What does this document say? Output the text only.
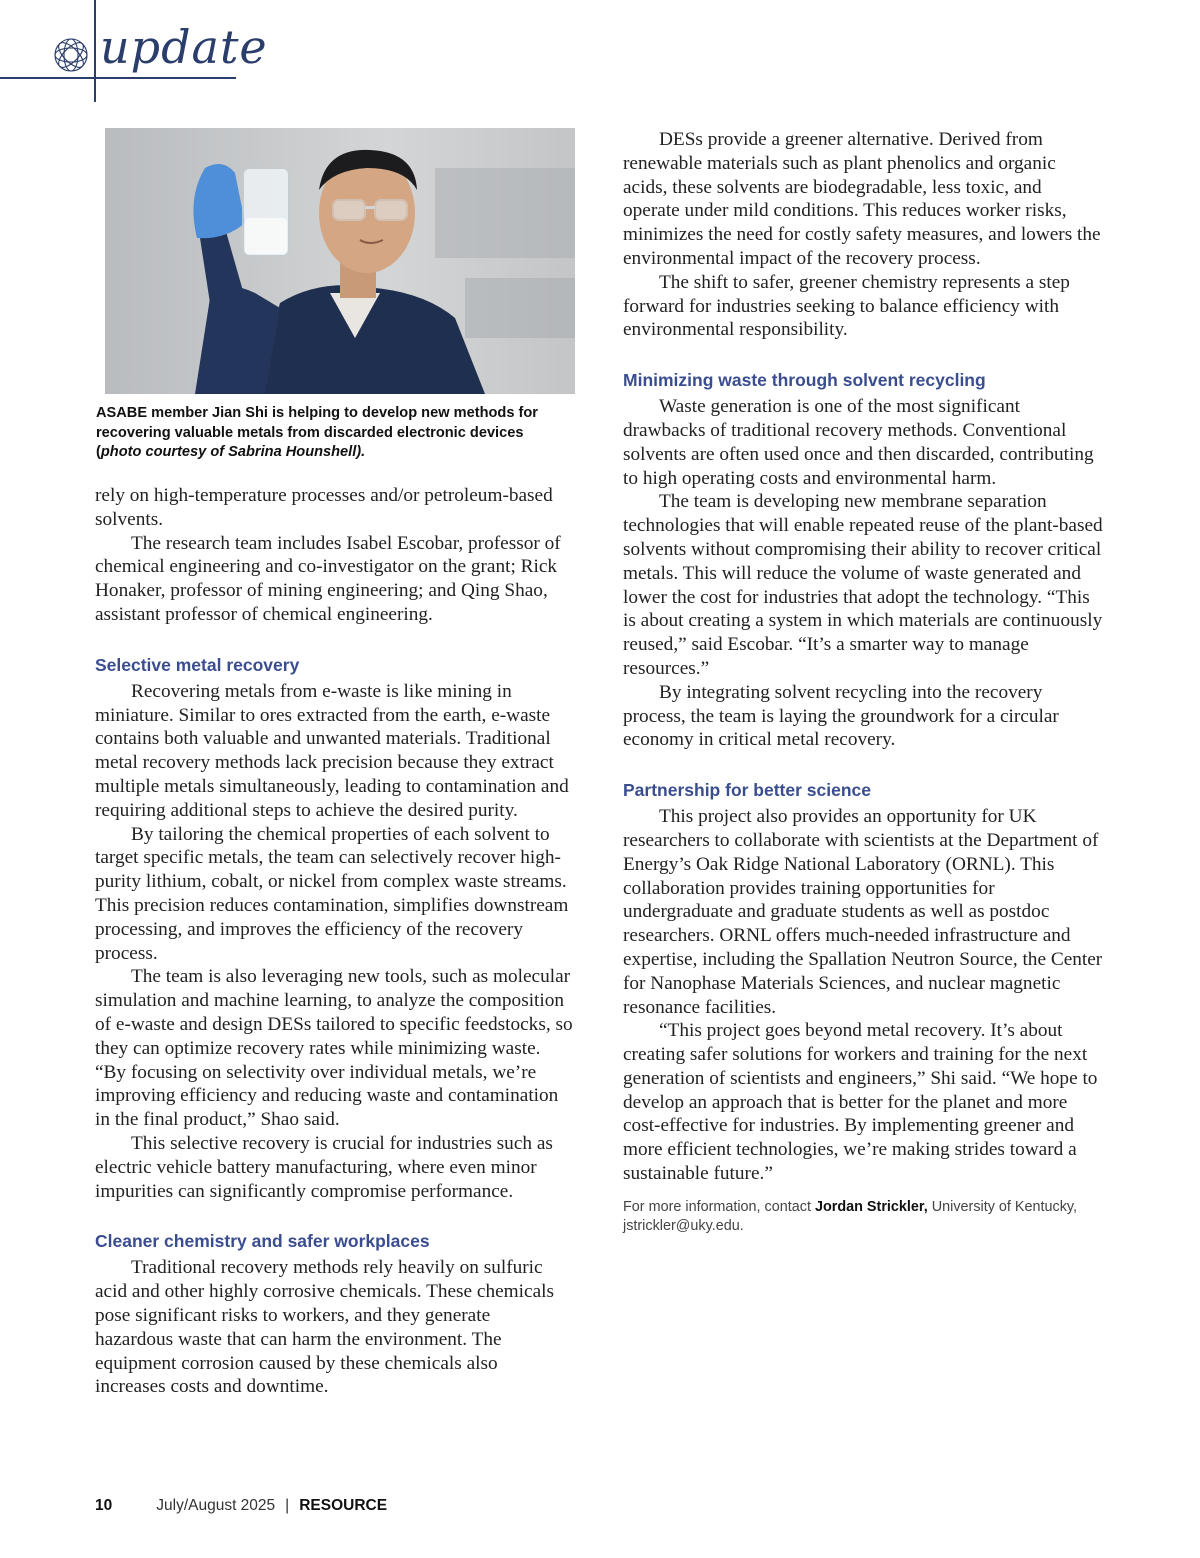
update
ASABE member Jian Shi is helping to develop new methods for recovering valuable metals from discarded electronic devices (photo courtesy of Sabrina Hounshell).

rely on high-temperature processes and/or petroleum-based solvents.

The research team includes Isabel Escobar, professor of chemical engineering and co-investigator on the grant; Rick Honaker, professor of mining engineering; and Qing Shao, assistant professor of chemical engineering.

Selective metal recovery

Recovering metals from e-waste is like mining in miniature. Similar to ores extracted from the earth, e-waste contains both valuable and unwanted materials. Traditional metal recovery methods lack precision because they extract multiple metals simultaneously, leading to contamination and requiring additional steps to achieve the desired purity.

By tailoring the chemical properties of each solvent to target specific metals, the team can selectively recover high-purity lithium, cobalt, or nickel from complex waste streams. This precision reduces contamination, simplifies downstream processing, and improves the efficiency of the recovery process.

The team is also leveraging new tools, such as molecular simulation and machine learning, to analyze the composition of e-waste and design DESs tailored to specific feedstocks, so they can optimize recovery rates while minimizing waste. “By focusing on selectivity over individual metals, we’re improving efficiency and reducing waste and contamination in the final product,” Shao said.

This selective recovery is crucial for industries such as electric vehicle battery manufacturing, where even minor impurities can significantly compromise performance.

Cleaner chemistry and safer workplaces

Traditional recovery methods rely heavily on sulfuric acid and other highly corrosive chemicals. These chemicals pose significant risks to workers, and they generate hazardous waste that can harm the environment. The equipment corrosion caused by these chemicals also increases costs and downtime.

DESs provide a greener alternative. Derived from renewable materials such as plant phenolics and organic acids, these solvents are biodegradable, less toxic, and operate under mild conditions. This reduces worker risks, minimizes the need for costly safety measures, and lowers the environmental impact of the recovery process.

The shift to safer, greener chemistry represents a step forward for industries seeking to balance efficiency with environmental responsibility.

Minimizing waste through solvent recycling

Waste generation is one of the most significant drawbacks of traditional recovery methods. Conventional solvents are often used once and then discarded, contributing to high operating costs and environmental harm.

The team is developing new membrane separation technologies that will enable repeated reuse of the plant-based solvents without compromising their ability to recover critical metals. This will reduce the volume of waste generated and lower the cost for industries that adopt the technology. “This is about creating a system in which materials are continuously reused,” said Escobar. “It’s a smarter way to manage resources.”

By integrating solvent recycling into the recovery process, the team is laying the groundwork for a circular economy in critical metal recovery.

Partnership for better science

This project also provides an opportunity for UK researchers to collaborate with scientists at the Department of Energy’s Oak Ridge National Laboratory (ORNL). This collaboration provides training opportunities for undergraduate and graduate students as well as postdoc researchers. ORNL offers much-needed infrastructure and expertise, including the Spallation Neutron Source, the Center for Nanophase Materials Sciences, and nuclear magnetic resonance facilities.

“This project goes beyond metal recovery. It’s about creating safer solutions for workers and training for the next generation of scientists and engineers,” Shi said. “We hope to develop an approach that is better for the planet and more cost-effective for industries. By implementing greener and more efficient technologies, we’re making strides toward a sustainable future.”

For more information, contact Jordan Strickler, University of Kentucky, jstrickler@uky.edu.
10	July/August 2025 | RESOURCE
